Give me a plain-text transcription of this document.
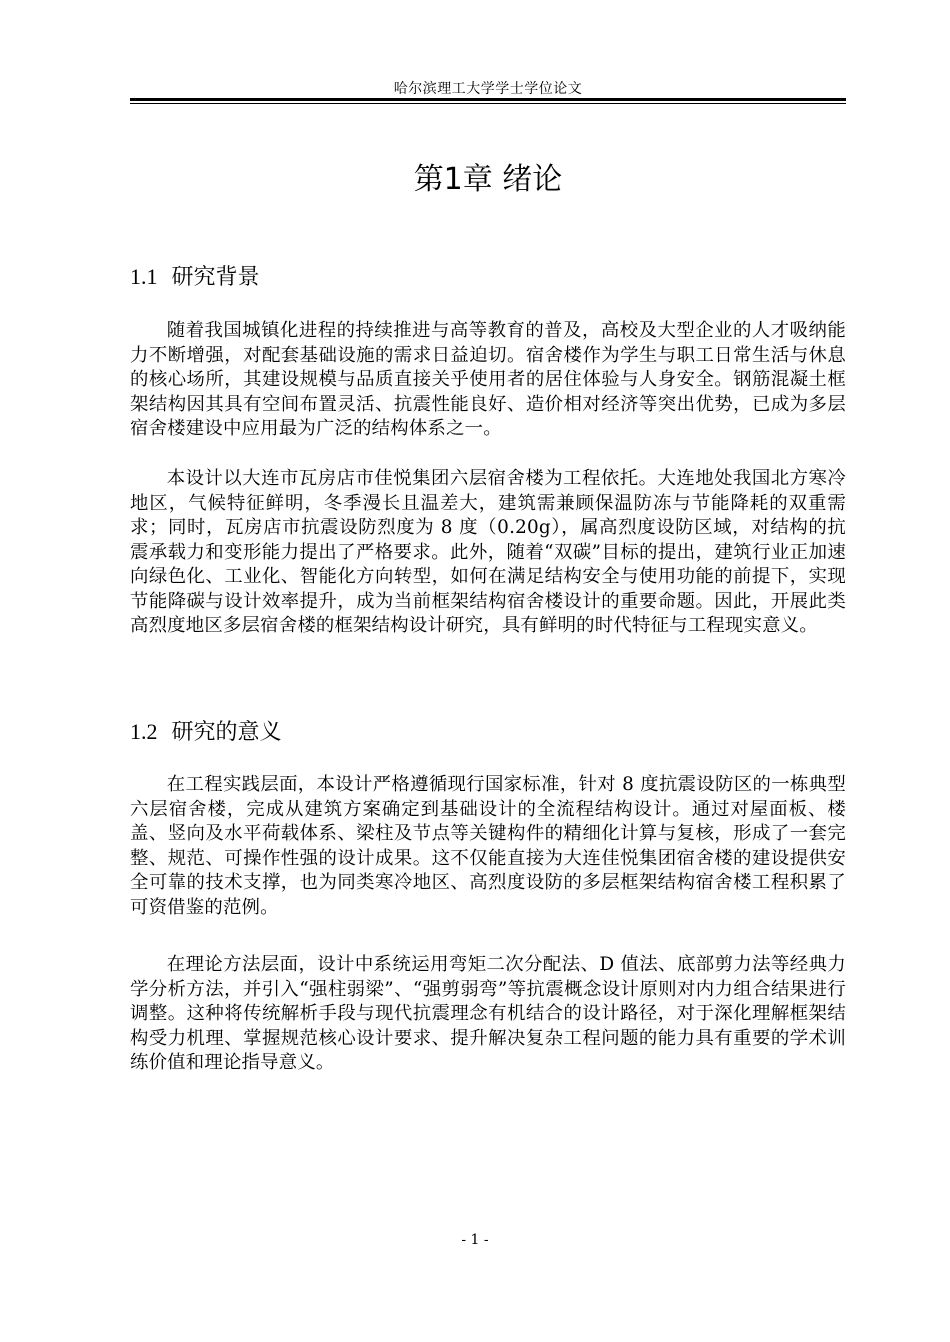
哈尔滨理工大学学士学位论文
第1章 绪论
1.1 研究背景
随着我国城镇化进程的持续推进与高等教育的普及，高校及大型企业的人才吸纳能力不断增强，对配套基础设施的需求日益迫切。宿舍楼作为学生与职工日常生活与休息的核心场所，其建设规模与品质直接关乎使用者的居住体验与人身安全。钢筋混凝土框架结构因其具有空间布置灵活、抗震性能良好、造价相对经济等突出优势，已成为多层宿舍楼建设中应用最为广泛的结构体系之一。
本设计以大连市瓦房店市佳悦集团六层宿舍楼为工程依托。大连地处我国北方寒冷地区，气候特征鲜明，冬季漫长且温差大，建筑需兼顾保温防冻与节能降耗的双重需求；同时，瓦房店市抗震设防烈度为 8 度（0.20g），属高烈度设防区域，对结构的抗震承载力和变形能力提出了严格要求。此外，随着“双碳”目标的提出，建筑行业正加速向绿色化、工业化、智能化方向转型，如何在满足结构安全与使用功能的前提下，实现节能降碳与设计效率提升，成为当前框架结构宿舍楼设计的重要命题。因此，开展此类高烈度地区多层宿舍楼的框架结构设计研究，具有鲜明的时代特征与工程现实意义。
1.2 研究的意义
在工程实践层面，本设计严格遵循现行国家标准，针对 8 度抗震设防区的一栋典型六层宿舍楼，完成从建筑方案确定到基础设计的全流程结构设计。通过对屋面板、楼盖、竖向及水平荷载体系、梁柱及节点等关键构件的精细化计算与复核，形成了一套完整、规范、可操作性强的设计成果。这不仅能直接为大连佳悦集团宿舍楼的建设提供安全可靠的技术支撑，也为同类寒冷地区、高烈度设防的多层框架结构宿舍楼工程积累了可资借鉴的范例。
在理论方法层面，设计中系统运用弯矩二次分配法、D 值法、底部剪力法等经典力学分析方法，并引入“强柱弱梁”、“强剪弱弯”等抗震概念设计原则对内力组合结果进行调整。这种将传统解析手段与现代抗震理念有机结合的设计路径，对于深化理解框架结构受力机理、掌握规范核心设计要求、提升解决复杂工程问题的能力具有重要的学术训练价值和理论指导意义。
- 1 -
